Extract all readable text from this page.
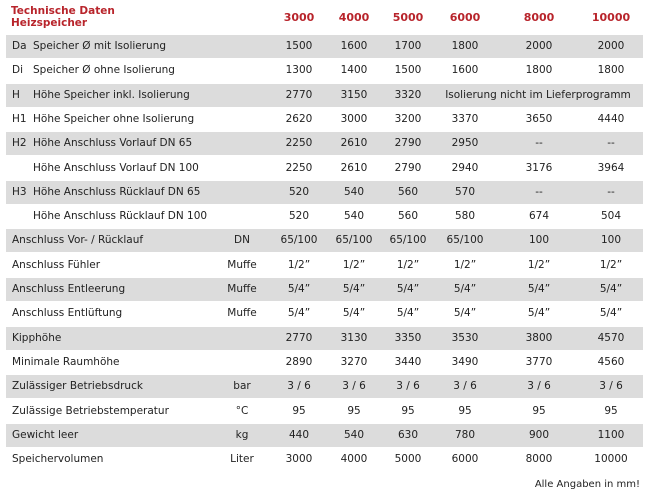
Technische Daten
Heizspeicher	3000	4000	5000	6000	8000	10000
Da Speicher Ø mit Isolierung	1500	1600	1700	1800	2000	2000
Di Speicher Ø ohne Isolierung	1300	1400	1500	1600	1800	1800
H Höhe Speicher inkl. Isolierung	2770	3150	3320	Isolierung nicht im Lieferprogramm
H1 Höhe Speicher ohne Isolierung	2620	3000	3200	3370	3650	4440
H2 Höhe Anschluss Vorlauf DN 65	2250	2610	2790	2950	--	--
Höhe Anschluss Vorlauf DN 100	2250	2610	2790	2940	3176	3964
H3 Höhe Anschluss Rücklauf DN 65	520	540	560	570	--	--
Höhe Anschluss Rücklauf DN 100	520	540	560	580	674	504
Anschluss Vor- / Rücklauf	DN	65/100	65/100	65/100	65/100	100	100
Anschluss Fühler	Muffe	1/2”	1/2”	1/2”	1/2”	1/2”	1/2”
Anschluss Entleerung	Muffe	5/4”	5/4”	5/4”	5/4”	5/4”	5/4”
Anschluss Entlüftung	Muffe	5/4”	5/4”	5/4”	5/4”	5/4”	5/4”
Kipphöhe	2770	3130	3350	3530	3800	4570
Minimale Raumhöhe	2890	3270	3440	3490	3770	4560
Zulässiger Betriebsdruck	bar	3 / 6	3 / 6	3 / 6	3 / 6	3 / 6	3 / 6
Zulässige Betriebstemperatur	°C	95	95	95	95	95	95
Gewicht leer	kg	440	540	630	780	900	1100
Speichervolumen	Liter	3000	4000	5000	6000	8000	10000
Alle Angaben in mm!
